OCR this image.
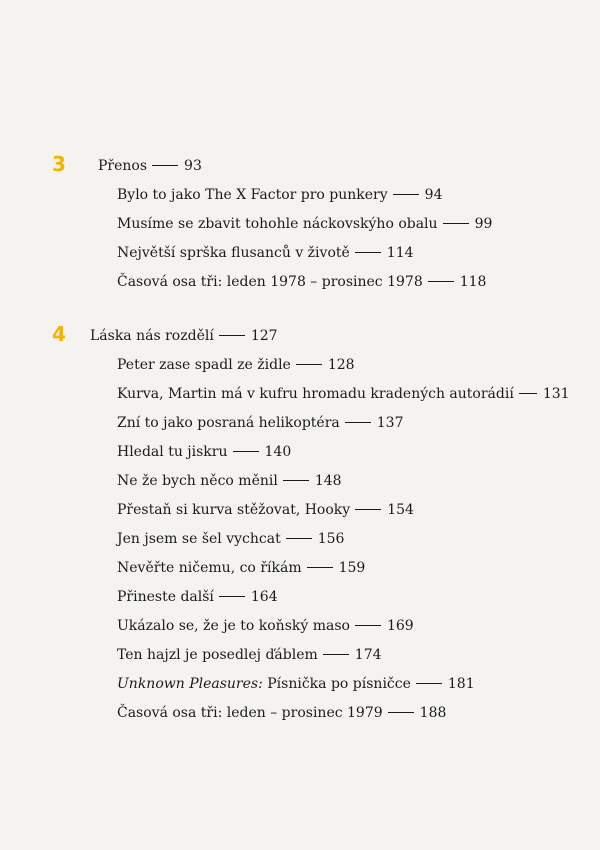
3 Přenos	93
Bylo to jako The X Factor pro punkery	94
Musíme se zbavit tohohle náckovskýho obalu	99
Největší sprška flusanců v životě	114
Časová osa tři: leden 1978 – prosinec 1978	118
4 Láska nás rozdělí	127
Peter zase spadl ze židle	128
Kurva, Martin má v kufru hromadu kradených autorádií 131
Zní to jako posraná helikoptéra	137
Hledal tu jiskru	140
Ne že bych něco měnil	148
Přestaň si kurva stěžovat, Hooky	154
Jen jsem se šel vychcat	156
Nevěřte ničemu, co říkám	159
Přineste další	164
Ukázalo se, že je to koňský maso	169
Ten hajzl je posedlej ďáblem	174
Unknown Pleasures: Písnička po písničce	181
Časová osa tři: leden – prosinec 1979	188
